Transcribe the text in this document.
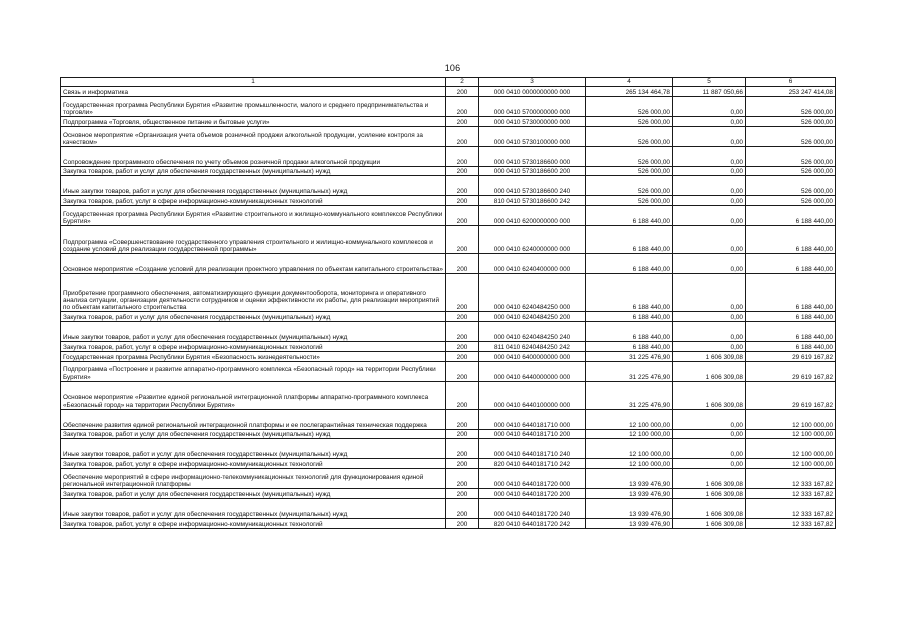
106
1	2	3	4	5	6
Связь и информатика	200	000 0410 0000000000 000	265 134 464,78	11 887 050,66	253 247 414,08
Государственная программа Республики Бурятия «Развитие промышленности, малого и среднего предпринимательства и торговли»	200	000 0410 5700000000 000	526 000,00	0,00	526 000,00
Подпрограмма «Торговля, общественное питание и бытовые услуги»	200	000 0410 5730000000 000	526 000,00	0,00	526 000,00
Основное мероприятие «Организация учета объемов розничной продажи алкогольной продукции, усиление контроля за качеством»	200	000 0410 5730100000 000	526 000,00	0,00	526 000,00
Сопровождение программного обеспечения по учету объемов розничной продажи алкогольной продукции	200	000 0410 5730186600 000	526 000,00	0,00	526 000,00
Закупка товаров, работ и услуг для обеспечения государственных (муниципальных) нужд	200	000 0410 5730186600 200	526 000,00	0,00	526 000,00
Иные закупки товаров, работ и услуг для обеспечения государственных (муниципальных) нужд	200	000 0410 5730186600 240	526 000,00	0,00	526 000,00
Закупка товаров, работ, услуг в сфере информационно-коммуникационных технологий	200	810 0410 5730186600 242	526 000,00	0,00	526 000,00
Государственная программа Республики Бурятия «Развитие строительного и жилищно-коммунального комплексов Республики Бурятия»	200	000 0410 6200000000 000	6 188 440,00	0,00	6 188 440,00
Подпрограмма «Совершенствование государственного управления строительного и жилищно-коммунального комплексов и создание условий для реализации государственной программы»	200	000 0410 6240000000 000	6 188 440,00	0,00	6 188 440,00
Основное мероприятие «Создание условий для реализации проектного управления по объектам капитального строительства»	200	000 0410 6240400000 000	6 188 440,00	0,00	6 188 440,00
Приобретение программного обеспечения, автоматизирующего функции документооборота, мониторинга и оперативного анализа ситуации, организации деятельности сотрудников и оценки эффективности их работы, для реализации мероприятий по объектам капитального строительства	200	000 0410 6240484250 000	6 188 440,00	0,00	6 188 440,00
Закупка товаров, работ и услуг для обеспечения государственных (муниципальных) нужд	200	000 0410 6240484250 200	6 188 440,00	0,00	6 188 440,00
Иные закупки товаров, работ и услуг для обеспечения государственных (муниципальных) нужд	200	000 0410 6240484250 240	6 188 440,00	0,00	6 188 440,00
Закупка товаров, работ, услуг в сфере информационно-коммуникационных технологий	200	811 0410 6240484250 242	6 188 440,00	0,00	6 188 440,00
Государственная программа Республики Бурятия «Безопасность жизнедеятельности»	200	000 0410 6400000000 000	31 225 476,90	1 606 309,08	29 619 167,82
Подпрограмма «Построение и развитие аппаратно-программного комплекса «Безопасный город» на территории Республики Бурятия»	200	000 0410 6440000000 000	31 225 476,90	1 606 309,08	29 619 167,82
Основное мероприятие «Развитие единой региональной интеграционной платформы аппаратно-программного комплекса «Безопасный город» на территории Республики Бурятия»	200	000 0410 6440100000 000	31 225 476,90	1 606 309,08	29 619 167,82
Обеспечение развития единой региональной интеграционной платформы и ее послегарантийная техническая поддержка	200	000 0410 6440181710 000	12 100 000,00	0,00	12 100 000,00
Закупка товаров, работ и услуг для обеспечения государственных (муниципальных) нужд	200	000 0410 6440181710 200	12 100 000,00	0,00	12 100 000,00
Иные закупки товаров, работ и услуг для обеспечения государственных (муниципальных) нужд	200	000 0410 6440181710 240	12 100 000,00	0,00	12 100 000,00
Закупка товаров, работ, услуг в сфере информационно-коммуникационных технологий	200	820 0410 6440181710 242	12 100 000,00	0,00	12 100 000,00
Обеспечение мероприятий в сфере информационно-телекоммуникационных технологий для функционирования единой региональной интеграционной платформы	200	000 0410 6440181720 000	13 939 476,90	1 606 309,08	12 333 167,82
Закупка товаров, работ и услуг для обеспечения государственных (муниципальных) нужд	200	000 0410 6440181720 200	13 939 476,90	1 606 309,08	12 333 167,82
Иные закупки товаров, работ и услуг для обеспечения государственных (муниципальных) нужд	200	000 0410 6440181720 240	13 939 476,90	1 606 309,08	12 333 167,82
Закупка товаров, работ, услуг в сфере информационно-коммуникационных технологий	200	820 0410 6440181720 242	13 939 476,90	1 606 309,08	12 333 167,82
